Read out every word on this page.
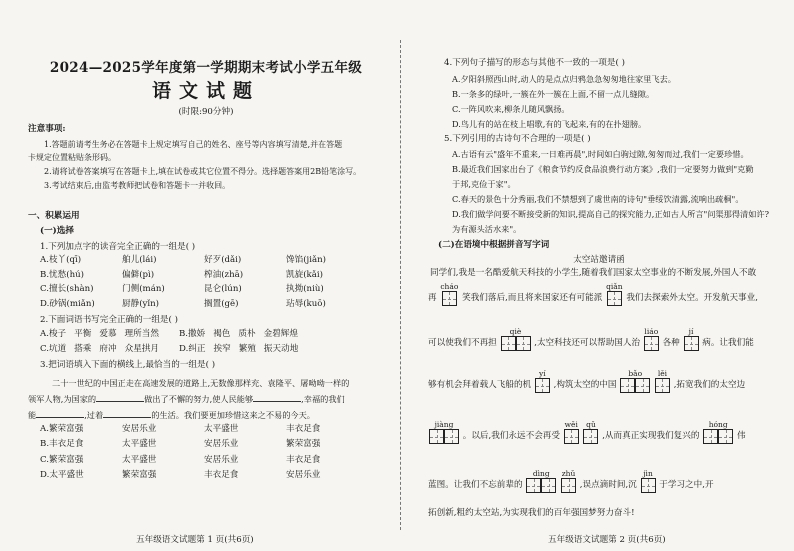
2024—2025学年度第一学期期末考试小学五年级
语文试题
(时限:90分钟)
注意事项:
1.答题前请考生务必在答题卡上规定填写自己的姓名、座号等内容填写清楚,并在答题
卡规定位置粘贴条形码。
2.请将试卷答案填写在答题卡上,填在试卷或其它位置不得分。选择题答案用2B铅笔涂写。
3.考试结束后,由监考教师把试卷和答题卡一并收回。
一、积累运用
(一)选择
1.下列加点字的读音完全正确的一组是( )
A.枝丫(qī)	舶儿(lái)	好歹(dǎi)	馋馅(jiǎn)
B.忧愁(hú)	偏僻(pì)	榨油(zhā)	凯旋(kǎi)
C.擅长(shàn)	门侧(mán)	昆仑(lún)	执拗(niù)
D.砂锅(miǎn)	厨静(yǐn)	搁置(gē)	玷辱(kuō)
2.下面词语书写完全正确的一组是( )
A.梭子 平衡 爱慕 理所当然 B.撒娇 褐色 质朴 金碧辉煌
C.坑道 搭乘 府冲 众星拱月 D.纠正 挨窄 繁殖 振天动地
3.把词语填入下面的横线上,最恰当的一组是( )
二十一世纪的中国正走在高速发展的道路上,无数像那样充、袁隆平、屠呦呦一样的
领军人物,为国家的	做出了不懈的努力,使人民能够	,幸福的我们
能	,过着	的生活。我们要更加珍惜这来之不易的今天。
A.繁荣富强	安居乐业	太平盛世	丰衣足食
B.丰衣足食	太平盛世	安居乐业	繁荣富强
C.繁荣富强	太平盛世	安居乐业	丰衣足食
D.太平盛世	繁荣富强	丰衣足食	安居乐业
五年级语文试题第 1 页(共6页)
4.下列句子描写的形态与其他不一致的一项是( )
A.夕阳斜照西山时,动人的是点点归鸦急急匆匆地往家里飞去。
B.一条多的绿叶,一簇在外一簇在上面,不留一点儿缝隙。
C.一阵风吹来,柳条儿随风飘扬。
D.鸟儿有的站在枝上唱歌,有的飞起来,有的在扑翅膀。
5.下列引用的古诗句不合理的一项是( )
A.古语有云"盛年不重来,一日难再晨",时间如白驹过隙,匆匆而过,我们一定要珍惜。
B.最近我们国家出台了《粮食节约反食品浪费行动方案》,我们一定要努力做到"克勤
于邦,克俭于家"。
C.春天的景色十分秀丽,我们不禁想到了虞世南的诗句"垂绥饮清露,流响出疏桐"。
D.我们做学问要不断接受新的知识,提高自己的探究能力,正如古人所言"问渠那得清如许?
为有源头活水来"。
(二)在语境中根据拼音写字词
太空站邀请函
同学们,我是一名酷爱航天科技的小学生,随着我们国家太空事业的不断发展,外国人不敢
再
cháo
笑我们落后,而且将来国家还有可能派
qiǎn
我们去探索外太空。开发航天事业,
可以使我们不再担
qiè
,太空科技还可以帮助国人治
liáo
各种
jí
病。让我们能
够有机会拜着载人飞船的机
yí
,构筑太空的中国
bǎo
	lěi
,拓宽我们的太空边
jiàng
。以后,我们永远不会再受
wěi
	qǔ
,从而真正实现我们复兴的
hóng
伟
蓝图。让我们不忘前辈的
dìng
	zhǔ
,误点滴时间,沉
jìn
于学习之中,开
拓创新,粗约太空站,为实现我们的百年强国梦努力奋斗!
五年级语文试题第 2 页(共6页)
